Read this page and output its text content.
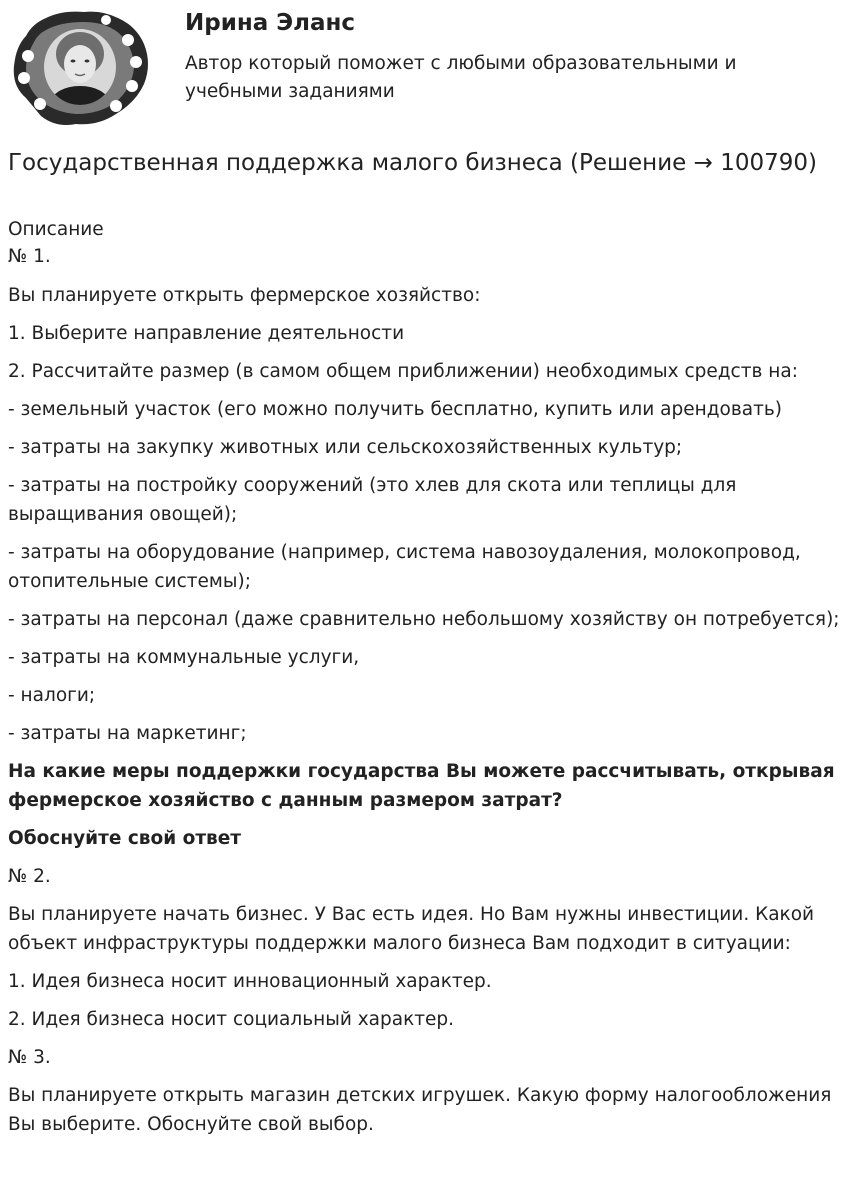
Ирина Эланс
Автор который поможет с любыми образовательными и учебными заданиями
Государственная поддержка малого бизнеса (Решение → 100790)
Описание
№ 1.
Вы планируете открыть фермерское хозяйство:
1. Выберите направление деятельности
2. Рассчитайте размер (в самом общем приближении) необходимых средств на:
- земельный участок (его можно получить бесплатно, купить или арендовать)
- затраты на закупку животных или сельскохозяйственных культур;
- затраты на постройку сооружений (это хлев для скота или теплицы для выращивания овощей);
- затраты на оборудование (например, система навозоудаления, молокопровод, отопительные системы);
- затраты на персонал (даже сравнительно небольшому хозяйству он потребуется);
- затраты на коммунальные услуги,
- налоги;
- затраты на маркетинг;
На какие меры поддержки государства Вы можете рассчитывать, открывая фермерское хозяйство с данным размером затрат?
Обоснуйте свой ответ
№ 2.
Вы планируете начать бизнес. У Вас есть идея. Но Вам нужны инвестиции. Какой объект инфраструктуры поддержки малого бизнеса Вам подходит в ситуации:
1. Идея бизнеса носит инновационный характер.
2. Идея бизнеса носит социальный характер.
№ 3.
Вы планируете открыть магазин детских игрушек. Какую форму налогообложения Вы выберите. Обоснуйте свой выбор.
